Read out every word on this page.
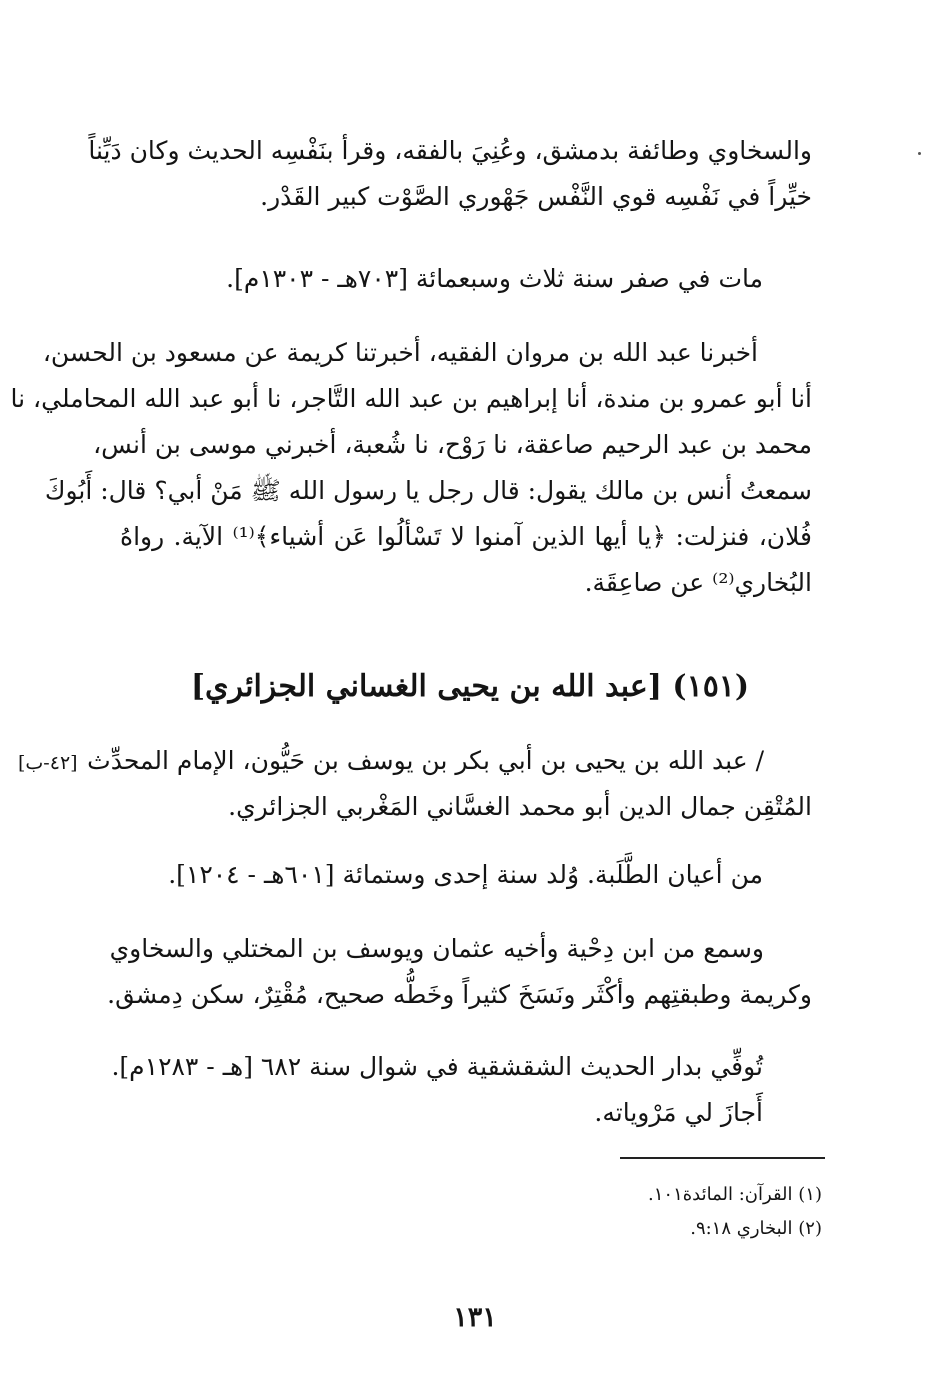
والسخاوي وطائفة بدمشق، وعُنِيَ بالفقه، وقرأ بنَفْسِه الحديث وكان دَيِّناً
خيِّراً في نَفْسِه قوي النَّفْس جَهْوري الصَّوْت كبير القَدْر.
مات في صفر سنة ثلاث وسبعمائة [٧٠٣هـ - ١٣٠٣م].
أخبرنا عبد الله بن مروان الفقيه، أخبرتنا كريمة عن مسعود بن الحسن،
أنا أبو عمرو بن مندة، أنا إبراهيم بن عبد الله التَّاجر، نا أبو عبد الله المحاملي، نا
محمد بن عبد الرحيم صاعقة، نا رَوْح، نا شُعبة، أخبرني موسى بن أنس،
سمعتُ أنس بن مالك يقول: قال رجل يا رسول الله ﷺ مَنْ أبي؟ قال: أَبُوكَ
فُلان، فنزلت: ﴿يا أيها الذين آمنوا لا تَسْألُوا عَن أشياء﴾⁽¹⁾ الآية. رواهُ
البُخاري⁽²⁾ عن صاعِقَة.
(١٥١) [عبد الله بن يحيى الغساني الجزائري]
[٤٢-ب] / عبد الله بن يحيى بن أبي بكر بن يوسف بن حَيُّون، الإمام المحدِّث
المُتْقِن جمال الدين أبو محمد الغسَّاني المَغْربي الجزائري.
من أعيان الطَّلَبة. وُلد سنة إحدى وستمائة [٦٠١هـ - ١٢٠٤].
وسمع من ابن دِحْية وأخيه عثمان ويوسف بن المختلي والسخاوي
وكريمة وطبقتِهم وأكْثَر ونَسَخَ كثيراً وخَطُّه صحيح، مُقْتِرٌ، سكن دِمشق.
تُوفِّي بدار الحديث الشقشقية في شوال سنة ٦٨٢ [هـ - ١٢٨٣م].
أَجازَ لي مَرْوياته.
(١) القرآن: المائدة١٠١.
(٢) البخاري ٩:١٨.
١٣١
